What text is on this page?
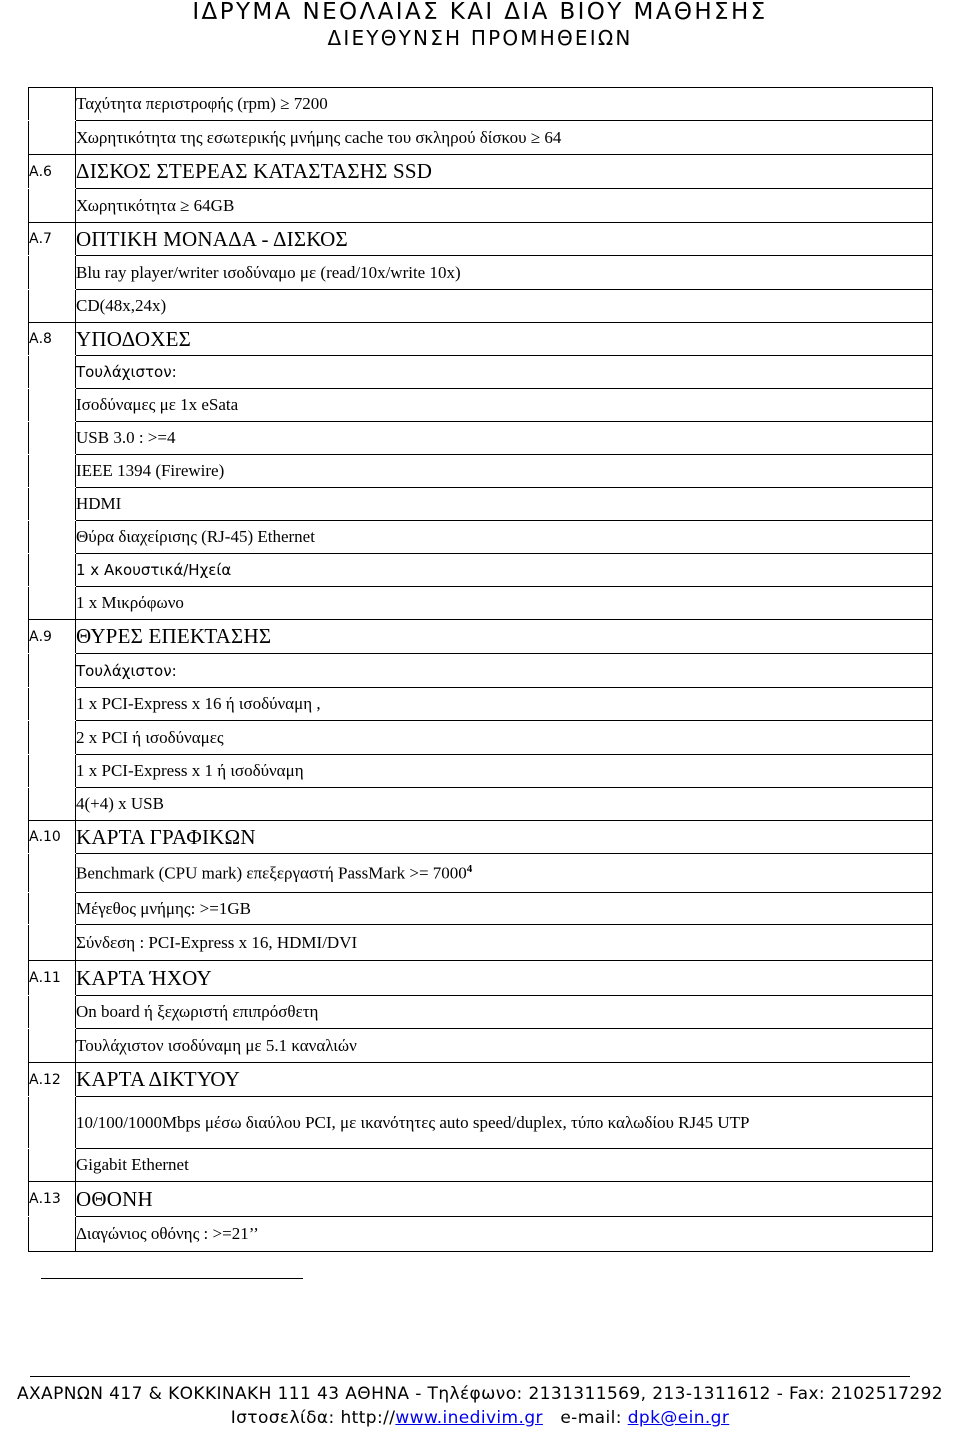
ΙΔΡΥΜΑ ΝΕΟΛΑΙΑΣ ΚΑΙ ΔΙΑ ΒΙΟΥ ΜΑΘΗΣΗΣ
ΔΙΕΥΘΥΝΣΗ ΠΡΟΜΗΘΕΙΩΝ
	Ταχύτητα περιστροφής (rpm) ≥ 7200
	Χωρητικότητα της εσωτερικής μνήμης cache του σκληρού δίσκου ≥ 64
Α.6	ΔΙΣΚΟΣ ΣΤΕΡΕΑΣ ΚΑΤΑΣΤΑΣΗΣ SSD
	Χωρητικότητα ≥ 64GB
Α.7	ΟΠΤΙΚΗ ΜΟΝΑΔΑ - ΔΙΣΚΟΣ
	Blu ray player/writer ισοδύναμο με (read/10x/write 10x)
	CD(48x,24x)
Α.8	ΥΠΟΔΟΧΕΣ
	Τουλάχιστον:
	Ισοδύναμες με 1x eSata
	USB 3.0 : >=4
	IEEE 1394 (Firewire)
	HDMI
	Θύρα διαχείρισης (RJ-45) Ethernet
	1 x Ακουστικά/Ηχεία
	1 x Μικρόφωνο
Α.9	ΘΥΡΕΣ ΕΠΕΚΤΑΣΗΣ
	Τουλάχιστον:
	1 x PCI-Express x 16 ή ισοδύναμη ,
	2 x PCI ή ισοδύναμες
	1 x PCI-Express x 1 ή ισοδύναμη
	4(+4) x USB
Α.10	ΚΑΡΤΑ ΓΡΑΦΙΚΩΝ
	Benchmark (CPU mark) επεξεργαστή PassMark >= $7000^4$
	Μέγεθος μνήμης: >=1GB
	Σύνδεση : PCI-Express x 16, HDMI/DVI
Α.11	ΚΑΡΤΑ ΉΧΟΥ
	On board ή ξεχωριστή επιπρόσθετη
	Τουλάχιστον ισοδύναμη με 5.1 καναλιών
Α.12	ΚΑΡΤΑ ΔΙΚΤΥΟΥ
	10/100/1000Mbps μέσω διαύλου PCI, με ικανότητες auto speed/duplex, τύπο καλωδίου RJ45 UTP
	Gigabit Ethernet
Α.13	ΟΘΟΝΗ
	Διαγώνιος οθόνης : >=21’’
ΑΧΑΡΝΩΝ 417 & ΚΟΚΚΙΝΑΚΗ 111 43 ΑΘΗΝΑ - Τηλέφωνο: 2131311569, 213-1311612 - Fax: 2102517292
Ιστοσελίδα: http://www.inedivim.gr e-mail: dpk@ein.gr
